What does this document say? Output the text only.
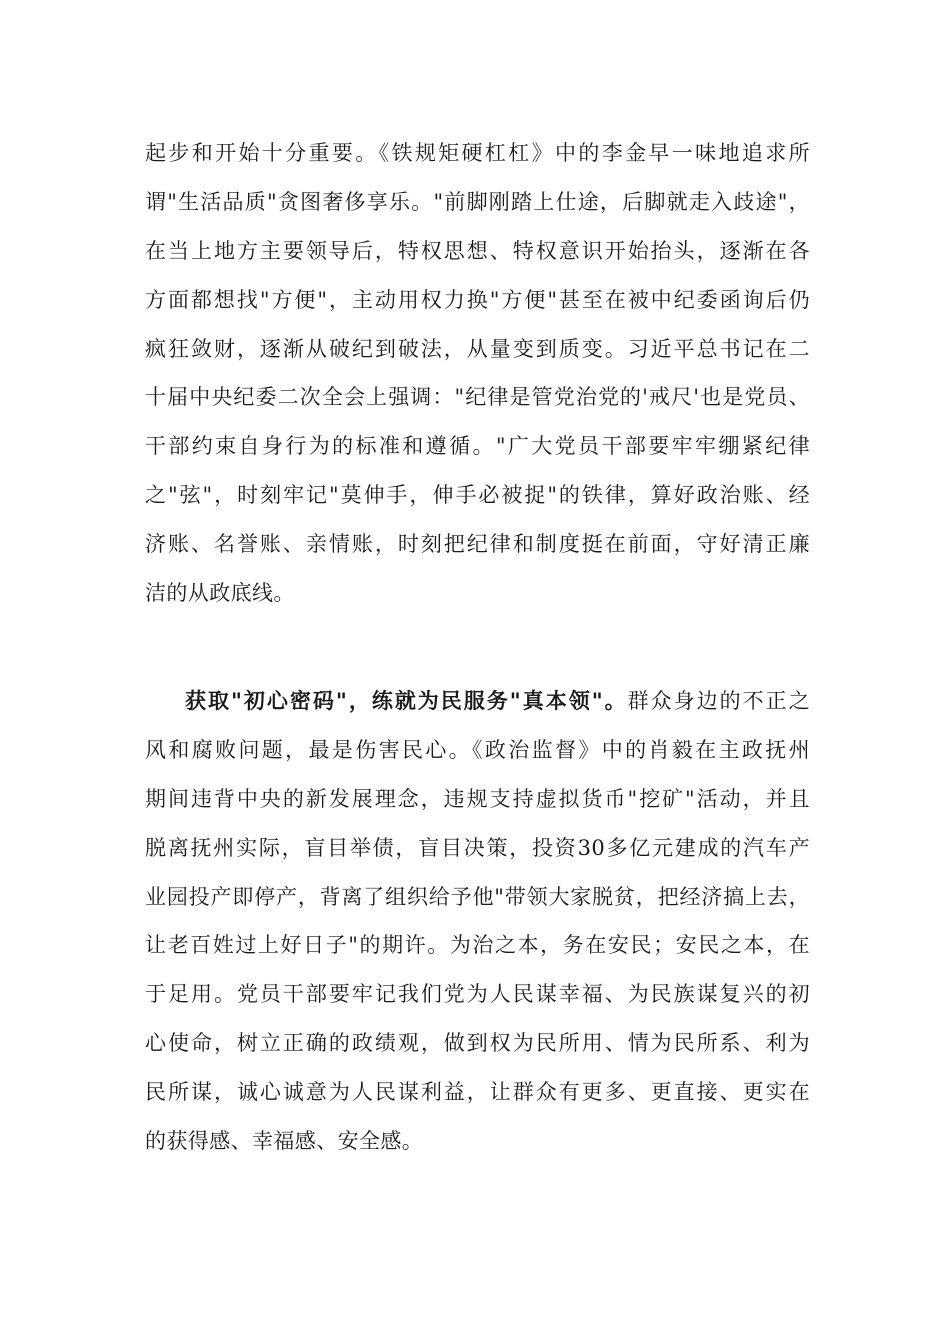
起步和开始十分重要。《铁规矩硬杠杠》中的李金早一味地追求所
谓"生活品质"贪图奢侈享乐。"前脚刚踏上仕途，后脚就走入歧途"，
在当上地方主要领导后，特权思想、特权意识开始抬头，逐渐在各
方面都想找"方便"，主动用权力换"方便"甚至在被中纪委函询后仍
疯狂敛财，逐渐从破纪到破法，从量变到质变。习近平总书记在二
十届中央纪委二次全会上强调："纪律是管党治党的'戒尺'也是党员、
干部约束自身行为的标准和遵循。"广大党员干部要牢牢绷紧纪律
之"弦"，时刻牢记"莫伸手，伸手必被捉"的铁律，算好政治账、经
济账、名誉账、亲情账，时刻把纪律和制度挺在前面，守好清正廉
洁的从政底线。
获取"初心密码"，练就为民服务"真本领"。群众身边的不正之
风和腐败问题，最是伤害民心。《政治监督》中的肖毅在主政抚州
期间违背中央的新发展理念，违规支持虚拟货币"挖矿"活动，并且
脱离抚州实际，盲目举债，盲目决策，投资30多亿元建成的汽车产
业园投产即停产，背离了组织给予他"带领大家脱贫，把经济搞上去，
让老百姓过上好日子"的期许。为治之本，务在安民；安民之本，在
于足用。党员干部要牢记我们党为人民谋幸福、为民族谋复兴的初
心使命，树立正确的政绩观，做到权为民所用、情为民所系、利为
民所谋，诚心诚意为人民谋利益，让群众有更多、更直接、更实在
的获得感、幸福感、安全感。
